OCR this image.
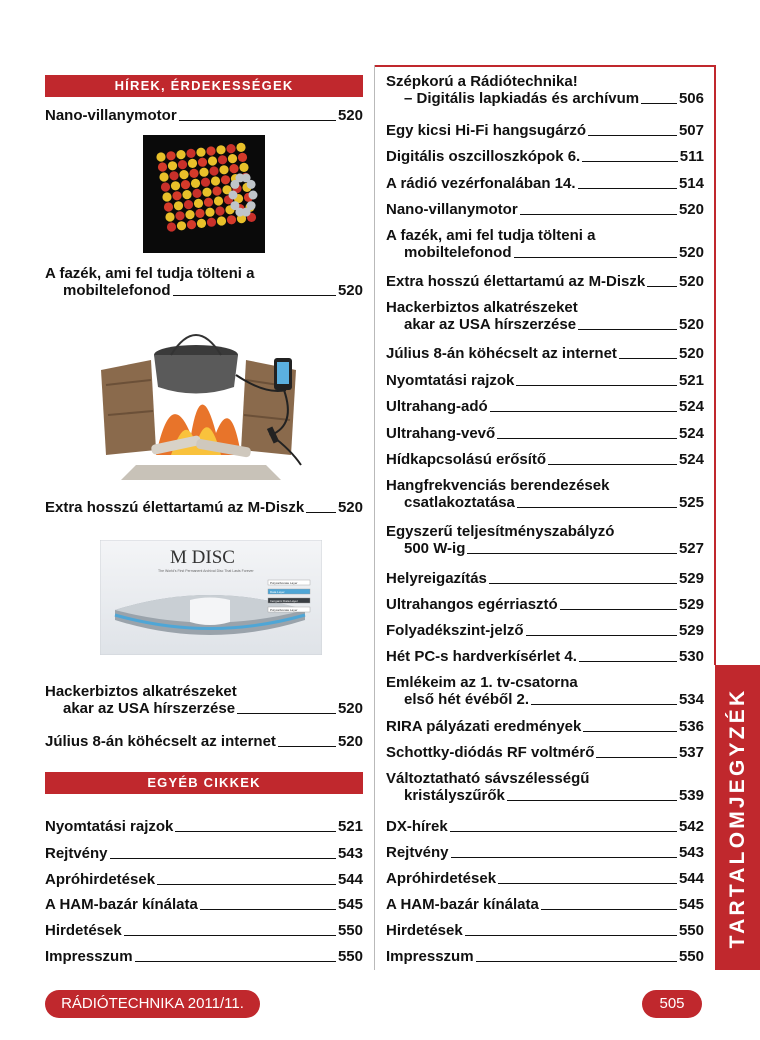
TARTALOMJEGYZÉK
HÍREK, ÉRDEKESSÉGEK
Nano-villanymotor	520
A fazék, ami fel tudja tölteni a
mobiltelefonod	520
Extra hosszú élettartamú az M-Diszk 520
Hackerbiztos alkatrészeket
akar az USA hírszerzése	520
Július 8-án köhécselt az internet	520
EGYÉB CIKKEK
Nyomtatási rajzok	521
Rejtvény	543
Apróhirdetések	544
A HAM-bazár kínálata	545
Hirdetések	550
Impresszum	550
M DISC
The World's First Permanent Archival Disc That Lasts Forever
Polycarbonate Layer
Data Layer
Inorganic Data Layer
Polycarbonate Layer
Szépkorú a Rádiótechnika!
– Digitális lapkiadás és archívum	506
Egy kicsi Hi-Fi hangsugárzó	507
Digitális oszcilloszkópok 6.	511
A rádió vezérfonalában 14.	514
Nano-villanymotor	520
A fazék, ami fel tudja tölteni a
mobiltelefonod	520
Extra hosszú élettartamú az M-Diszk 520
Hackerbiztos alkatrészeket
akar az USA hírszerzése	520
Július 8-án köhécselt az internet	520
Nyomtatási rajzok	521
Ultrahang-adó	524
Ultrahang-vevő	524
Hídkapcsolású erősítő	524
Hangfrekvenciás berendezések
csatlakoztatása	525
Egyszerű teljesítményszabályzó
500 W-ig	527
Helyreigazítás	529
Ultrahangos egérriasztó	529
Folyadékszint-jelző	529
Hét PC-s hardverkísérlet 4.	530
Emlékeim az 1. tv-csatorna
első hét évéből 2.	534
RIRA pályázati eredmények	536
Schottky-diódás RF voltmérő	537
Változtatható sávszélességű
kristályszűrők	539
DX-hírek	542
Rejtvény	543
Apróhirdetések	544
A HAM-bazár kínálata	545
Hirdetések	550
Impresszum	550
RÁDIÓTECHNIKA 2011/11.	505
